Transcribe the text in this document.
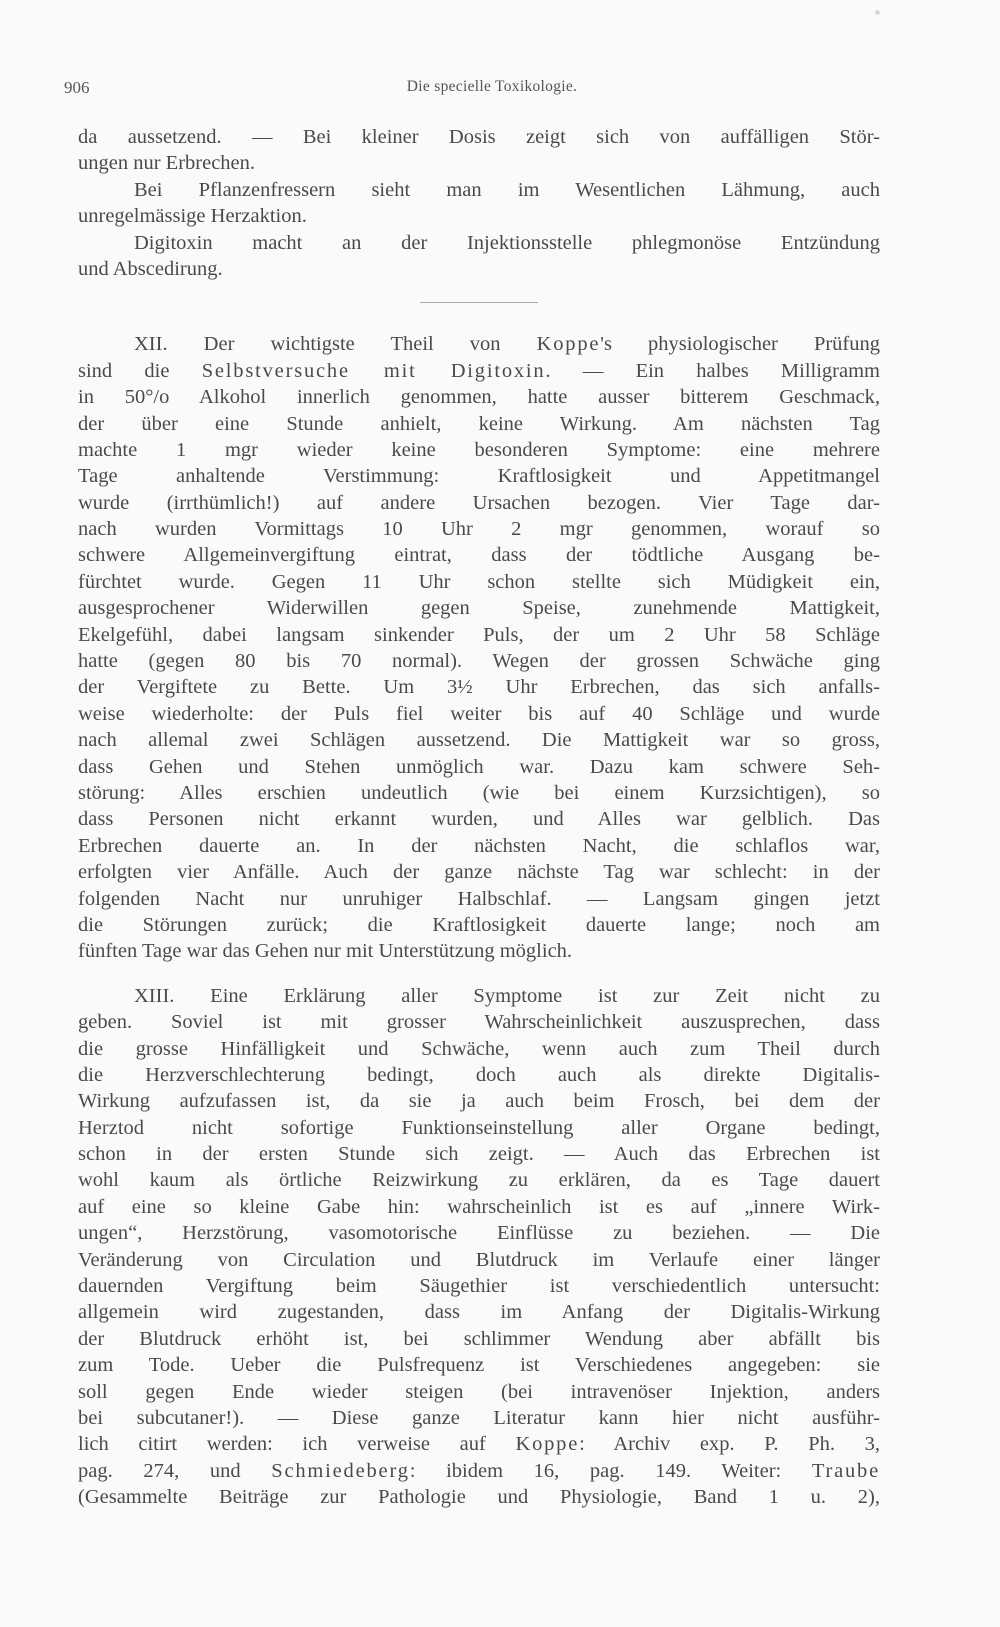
906	Die specielle Toxikologie.
da aussetzend. — Bei kleiner Dosis zeigt sich von auffälligen Stör-
ungen nur Erbrechen.
Bei Pflanzenfressern sieht man im Wesentlichen Lähmung, auch
unregelmässige Herzaktion.
Digitoxin macht an der Injektionsstelle phlegmonöse Entzündung
und Abscedirung.
XII. Der wichtigste Theil von Koppe's physiologischer Prüfung
sind die Selbstversuche mit Digitoxin. — Ein halbes Milligramm
in 50°/o Alkohol innerlich genommen, hatte ausser bitterem Geschmack,
der über eine Stunde anhielt, keine Wirkung. Am nächsten Tag
machte 1 mgr wieder keine besonderen Symptome: eine mehrere
Tage anhaltende Verstimmung: Kraftlosigkeit und Appetitmangel
wurde (irrthümlich!) auf andere Ursachen bezogen. Vier Tage dar-
nach wurden Vormittags 10 Uhr 2 mgr genommen, worauf so
schwere Allgemeinvergiftung eintrat, dass der tödtliche Ausgang be-
fürchtet wurde. Gegen 11 Uhr schon stellte sich Müdigkeit ein,
ausgesprochener Widerwillen gegen Speise, zunehmende Mattigkeit,
Ekelgefühl, dabei langsam sinkender Puls, der um 2 Uhr 58 Schläge
hatte (gegen 80 bis 70 normal). Wegen der grossen Schwäche ging
der Vergiftete zu Bette. Um 3½ Uhr Erbrechen, das sich anfalls-
weise wiederholte: der Puls fiel weiter bis auf 40 Schläge und wurde
nach allemal zwei Schlägen aussetzend. Die Mattigkeit war so gross,
dass Gehen und Stehen unmöglich war. Dazu kam schwere Seh-
störung: Alles erschien undeutlich (wie bei einem Kurzsichtigen), so
dass Personen nicht erkannt wurden, und Alles war gelblich. Das
Erbrechen dauerte an. In der nächsten Nacht, die schlaflos war,
erfolgten vier Anfälle. Auch der ganze nächste Tag war schlecht: in der
folgenden Nacht nur unruhiger Halbschlaf. — Langsam gingen jetzt
die Störungen zurück; die Kraftlosigkeit dauerte lange; noch am
fünften Tage war das Gehen nur mit Unterstützung möglich.
XIII. Eine Erklärung aller Symptome ist zur Zeit nicht zu
geben. Soviel ist mit grosser Wahrscheinlichkeit auszusprechen, dass
die grosse Hinfälligkeit und Schwäche, wenn auch zum Theil durch
die Herzverschlechterung bedingt, doch auch als direkte Digitalis-
Wirkung aufzufassen ist, da sie ja auch beim Frosch, bei dem der
Herztod nicht sofortige Funktionseinstellung aller Organe bedingt,
schon in der ersten Stunde sich zeigt. — Auch das Erbrechen ist
wohl kaum als örtliche Reizwirkung zu erklären, da es Tage dauert
auf eine so kleine Gabe hin: wahrscheinlich ist es auf „innere Wirk-
ungen“, Herzstörung, vasomotorische Einflüsse zu beziehen. — Die
Veränderung von Circulation und Blutdruck im Verlaufe einer länger
dauernden Vergiftung beim Säugethier ist verschiedentlich untersucht:
allgemein wird zugestanden, dass im Anfang der Digitalis-Wirkung
der Blutdruck erhöht ist, bei schlimmer Wendung aber abfällt bis
zum Tode. Ueber die Pulsfrequenz ist Verschiedenes angegeben: sie
soll gegen Ende wieder steigen (bei intravenöser Injektion, anders
bei subcutaner!). — Diese ganze Literatur kann hier nicht ausführ-
lich citirt werden: ich verweise auf Koppe: Archiv exp. P. Ph. 3,
pag. 274, und Schmiedeberg: ibidem 16, pag. 149. Weiter: Traube
(Gesammelte Beiträge zur Pathologie und Physiologie, Band 1 u. 2),
